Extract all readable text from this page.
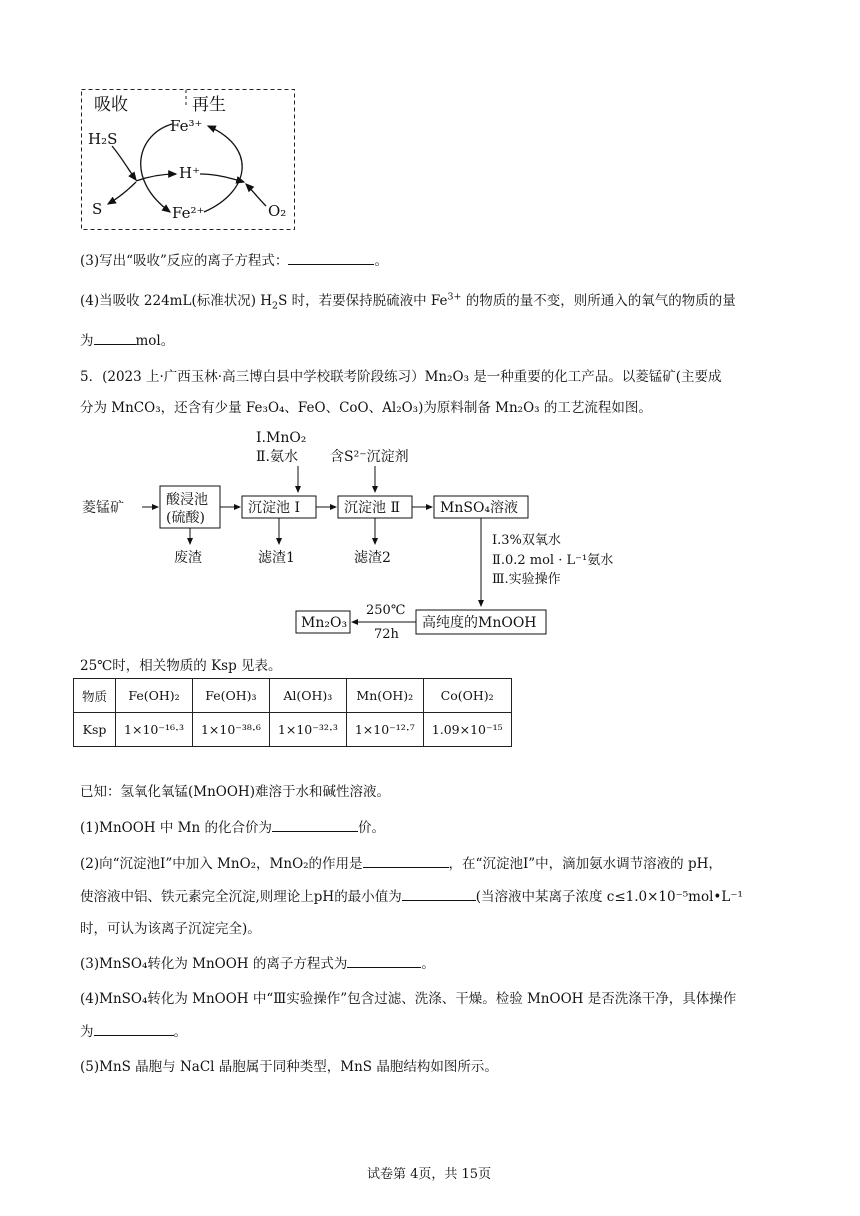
吸收	再生
H₂S
S
Fe³⁺
Fe²⁺
H⁺
O₂
(3)写出“吸收”反应的离子方程式：	。
(4)当吸收 224mL(标准状况) $H_2S$ 时，若要保持脱硫液中 $Fe^{3+}$ 的物质的量不变，则所通入的氧气的物质的量
为	mol。
5．(2023 上·广西玉林·高三博白县中学校联考阶段练习）Mn₂O₃ 是一种重要的化工产品。以菱锰矿(主要成
分为 MnCO₃，还含有少量 Fe₃O₄、FeO、CoO、Al₂O₃)为原料制备 Mn₂O₃ 的工艺流程如图。
Ⅰ.MnO₂
Ⅱ.氨水 含S²⁻沉淀剂
菱锰矿	酸浸池
(硫酸)
沉淀池 Ⅰ	沉淀池 Ⅱ	MnSO₄溶液
废渣	滤渣1	滤渣2
Ⅰ.3%双氧水
Ⅱ.0.2 mol · L⁻¹氨水
Ⅲ.实验操作
高纯度的MnOOH
250℃
72h
Mn₂O₃
25℃时，相关物质的 Ksp 见表。
物质	Fe(OH)₂	Fe(OH)₃	Al(OH)₃	Mn(OH)₂	Co(OH)₂
Ksp	1×10⁻¹⁶·³	1×10⁻³⁸·⁶	1×10⁻³²·³	1×10⁻¹²·⁷	1.09×10⁻¹⁵
已知：氢氧化氧锰(MnOOH)难溶于水和碱性溶液。
(1)MnOOH 中 Mn 的化合价为	价。
(2)向“沉淀池Ⅰ”中加入 MnO₂，MnO₂的作用是	，在“沉淀池Ⅰ”中，滴加氨水调节溶液的 pH，
使溶液中铝、铁元素完全沉淀,则理论上pH的最小值为	(当溶液中某离子浓度 c≤1.0×10⁻⁵mol•L⁻¹
时，可认为该离子沉淀完全)。
(3)MnSO₄转化为 MnOOH 的离子方程式为	。
(4)MnSO₄转化为 MnOOH 中“Ⅲ实验操作”包含过滤、洗涤、干燥。检验 MnOOH 是否洗涤干净，具体操作
为	。
(5)MnS 晶胞与 NaCl 晶胞属于同种类型，MnS 晶胞结构如图所示。
试卷第 4页，共 15页
